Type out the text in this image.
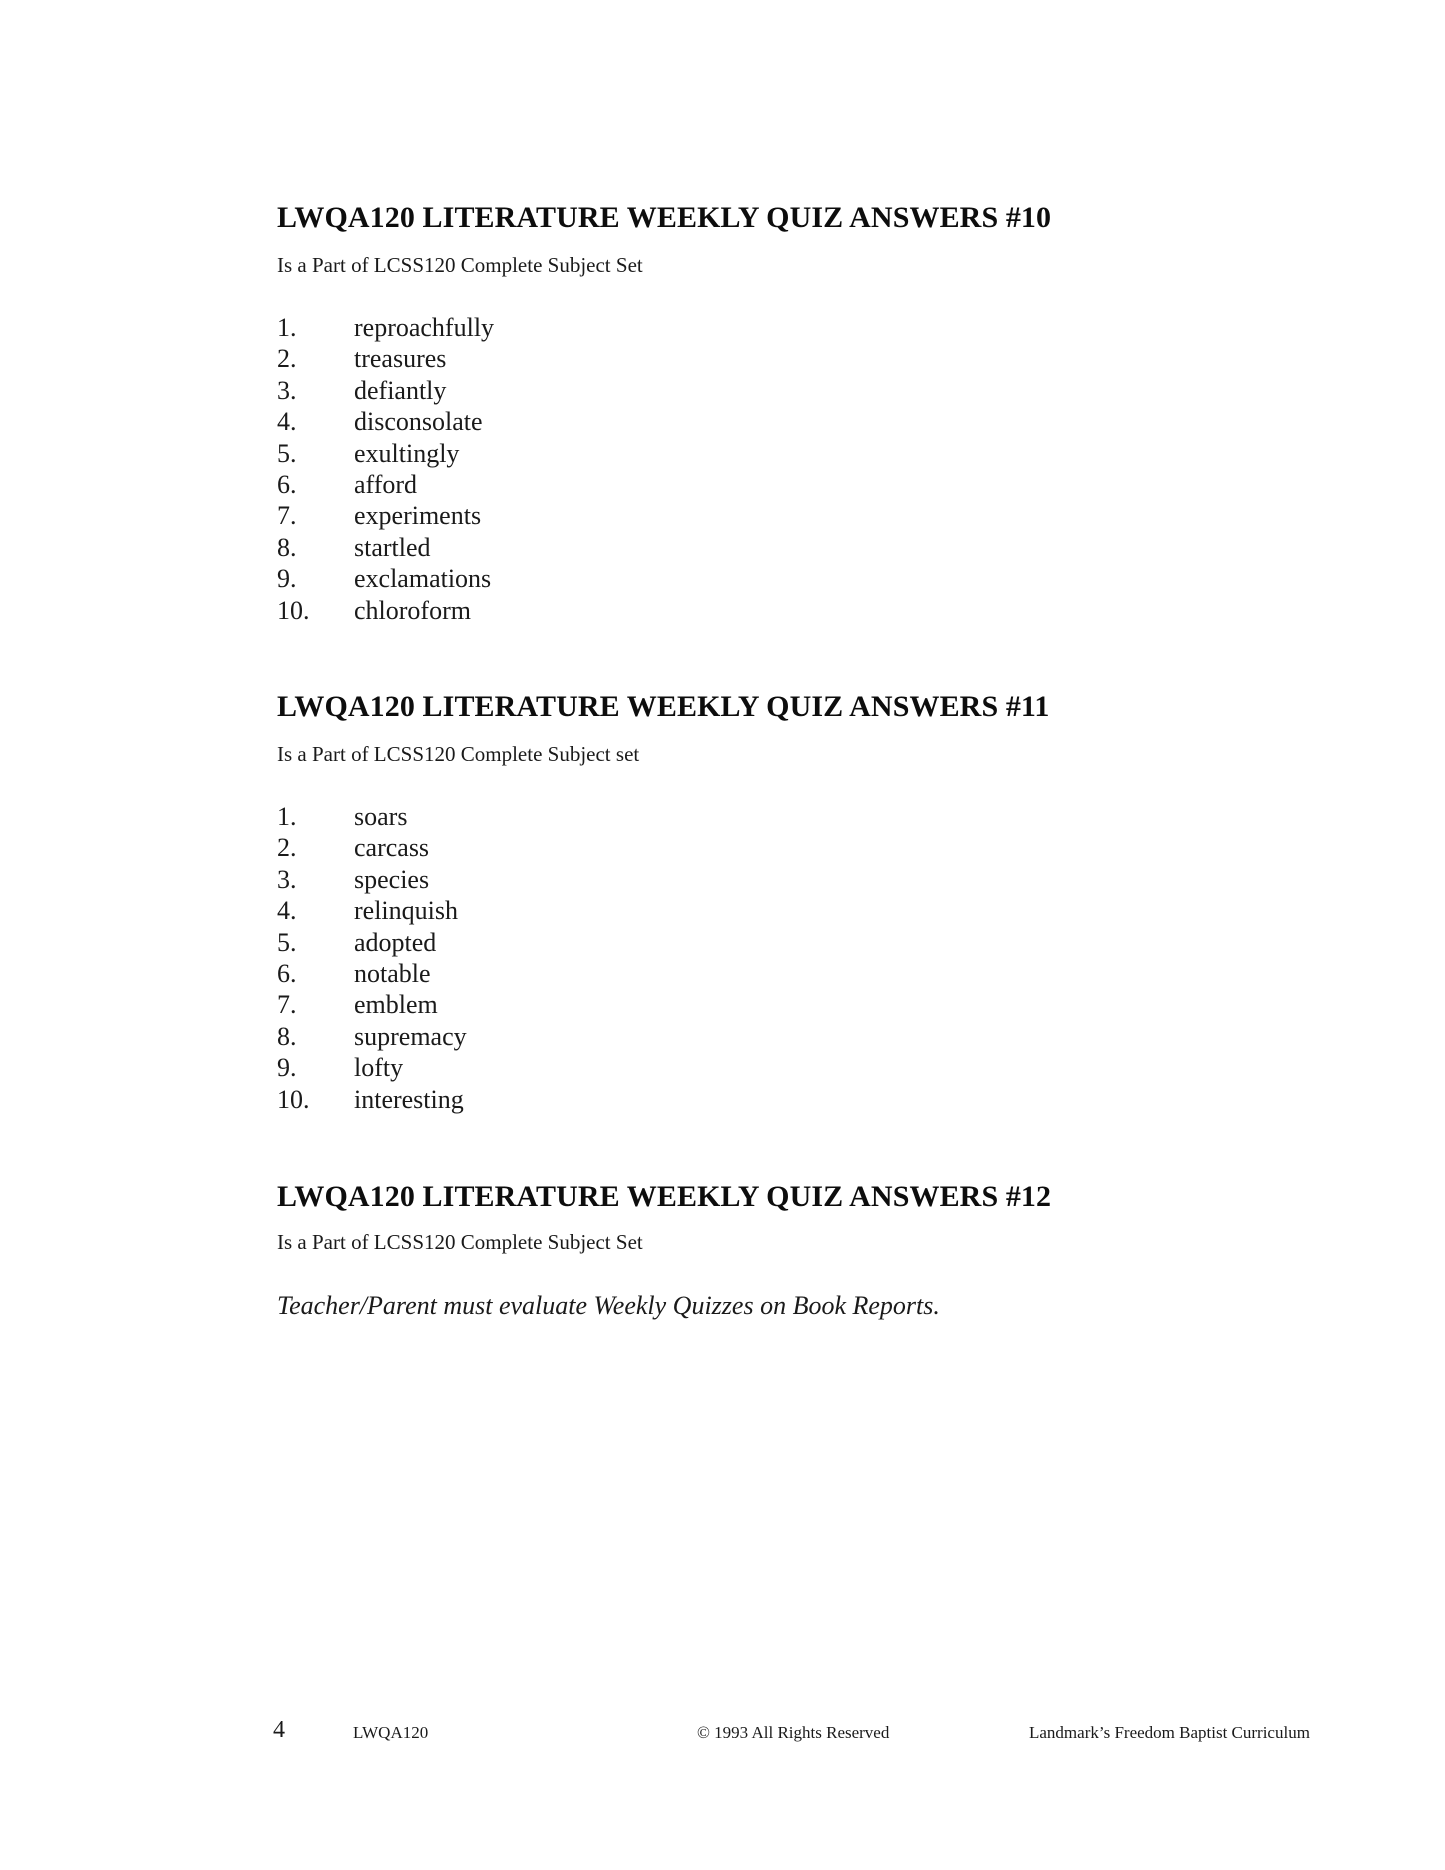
LWQA120 LITERATURE WEEKLY QUIZ ANSWERS #10
Is a Part of LCSS120 Complete Subject Set
1. reproachfully
2. treasures
3. defiantly
4. disconsolate
5. exultingly
6. afford
7. experiments
8. startled
9. exclamations
10. chloroform
LWQA120 LITERATURE WEEKLY QUIZ ANSWERS #11
Is a Part of LCSS120 Complete Subject set
1. soars
2. carcass
3. species
4. relinquish
5. adopted
6. notable
7. emblem
8. supremacy
9. lofty
10. interesting
LWQA120 LITERATURE WEEKLY QUIZ ANSWERS #12
Is a Part of LCSS120 Complete Subject Set
Teacher/Parent must evaluate Weekly Quizzes on Book Reports.
4	LWQA120	© 1993 All Rights Reserved	Landmark’s Freedom Baptist Curriculum
